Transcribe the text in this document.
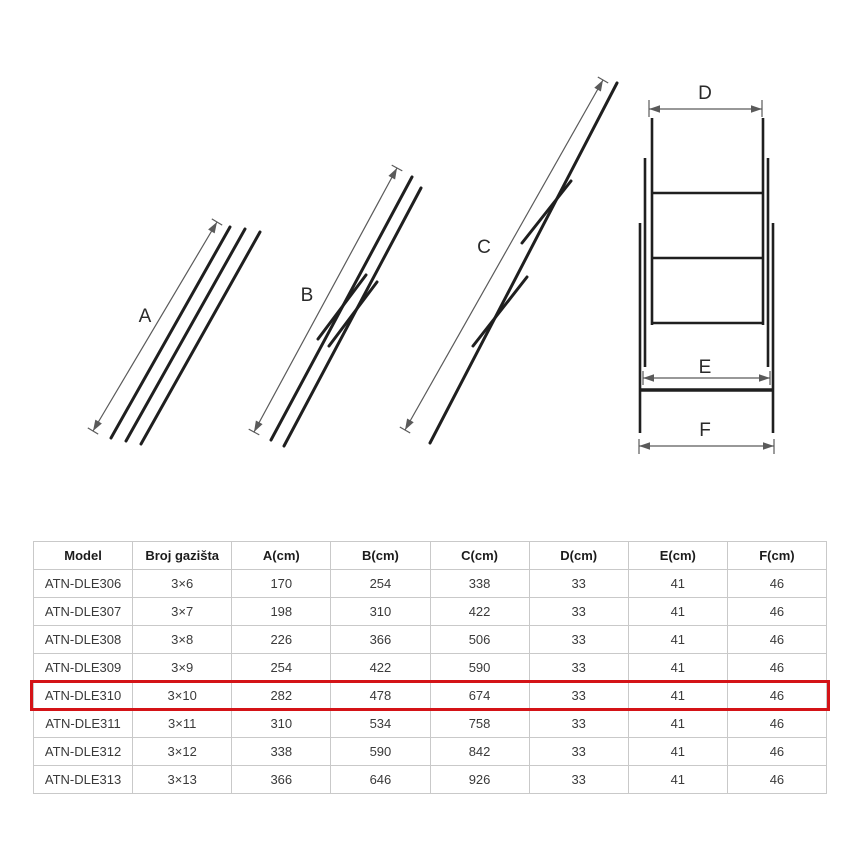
A
B
C
D
E
F
Model	Broj gazišta	A(cm)	B(cm)	C(cm)	D(cm)	E(cm)	F(cm)
ATN-DLE306	3×6	170	254	338	33	41	46
ATN-DLE307	3×7	198	310	422	33	41	46
ATN-DLE308	3×8	226	366	506	33	41	46
ATN-DLE309	3×9	254	422	590	33	41	46
ATN-DLE310	3×10	282	478	674	33	41	46
ATN-DLE311	3×11	310	534	758	33	41	46
ATN-DLE312	3×12	338	590	842	33	41	46
ATN-DLE313	3×13	366	646	926	33	41	46
